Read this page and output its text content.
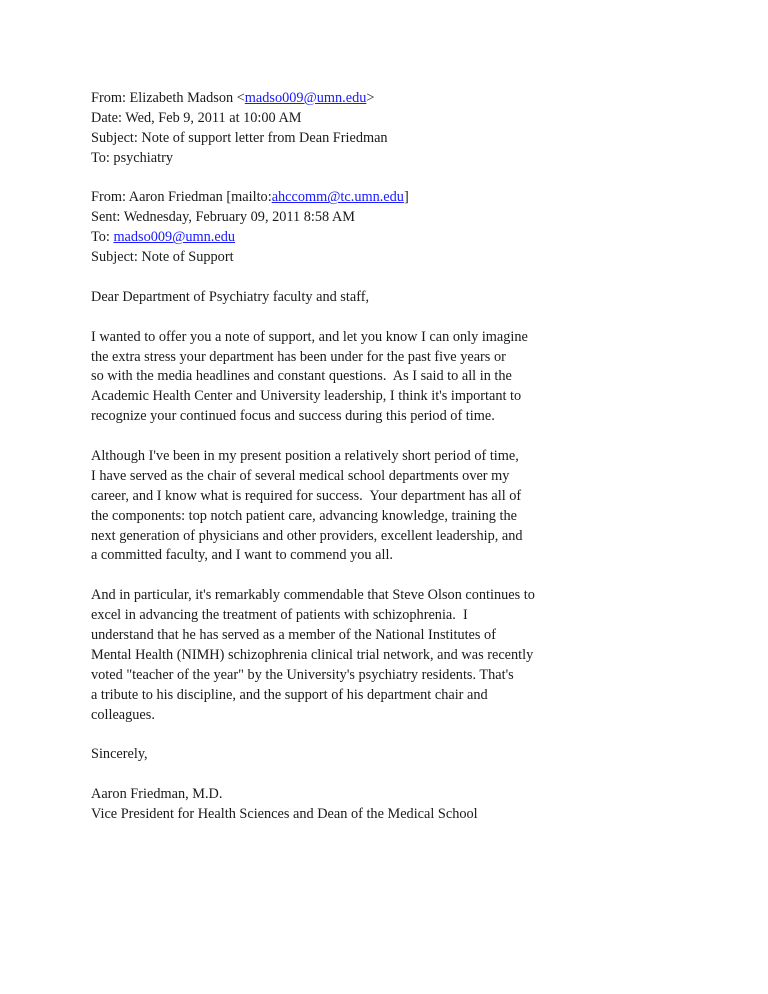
From: Elizabeth Madson <madso009@umn.edu>
Date: Wed, Feb 9, 2011 at 10:00 AM
Subject: Note of support letter from Dean Friedman
To: psychiatry
From: Aaron Friedman [mailto:ahccomm@tc.umn.edu]
Sent: Wednesday, February 09, 2011 8:58 AM
To: madso009@umn.edu
Subject: Note of Support
Dear Department of Psychiatry faculty and staff,
I wanted to offer you a note of support, and let you know I can only imagine
the extra stress your department has been under for the past five years or
so with the media headlines and constant questions.  As I said to all in the
Academic Health Center and University leadership, I think it's important to
recognize your continued focus and success during this period of time.
Although I've been in my present position a relatively short period of time,
I have served as the chair of several medical school departments over my
career, and I know what is required for success.  Your department has all of
the components: top notch patient care, advancing knowledge, training the
next generation of physicians and other providers, excellent leadership, and
a committed faculty, and I want to commend you all.
And in particular, it's remarkably commendable that Steve Olson continues to
excel in advancing the treatment of patients with schizophrenia.  I
understand that he has served as a member of the National Institutes of
Mental Health (NIMH) schizophrenia clinical trial network, and was recently
voted "teacher of the year" by the University's psychiatry residents. That's
a tribute to his discipline, and the support of his department chair and
colleagues.
Sincerely,
Aaron Friedman, M.D.
Vice President for Health Sciences and Dean of the Medical School
